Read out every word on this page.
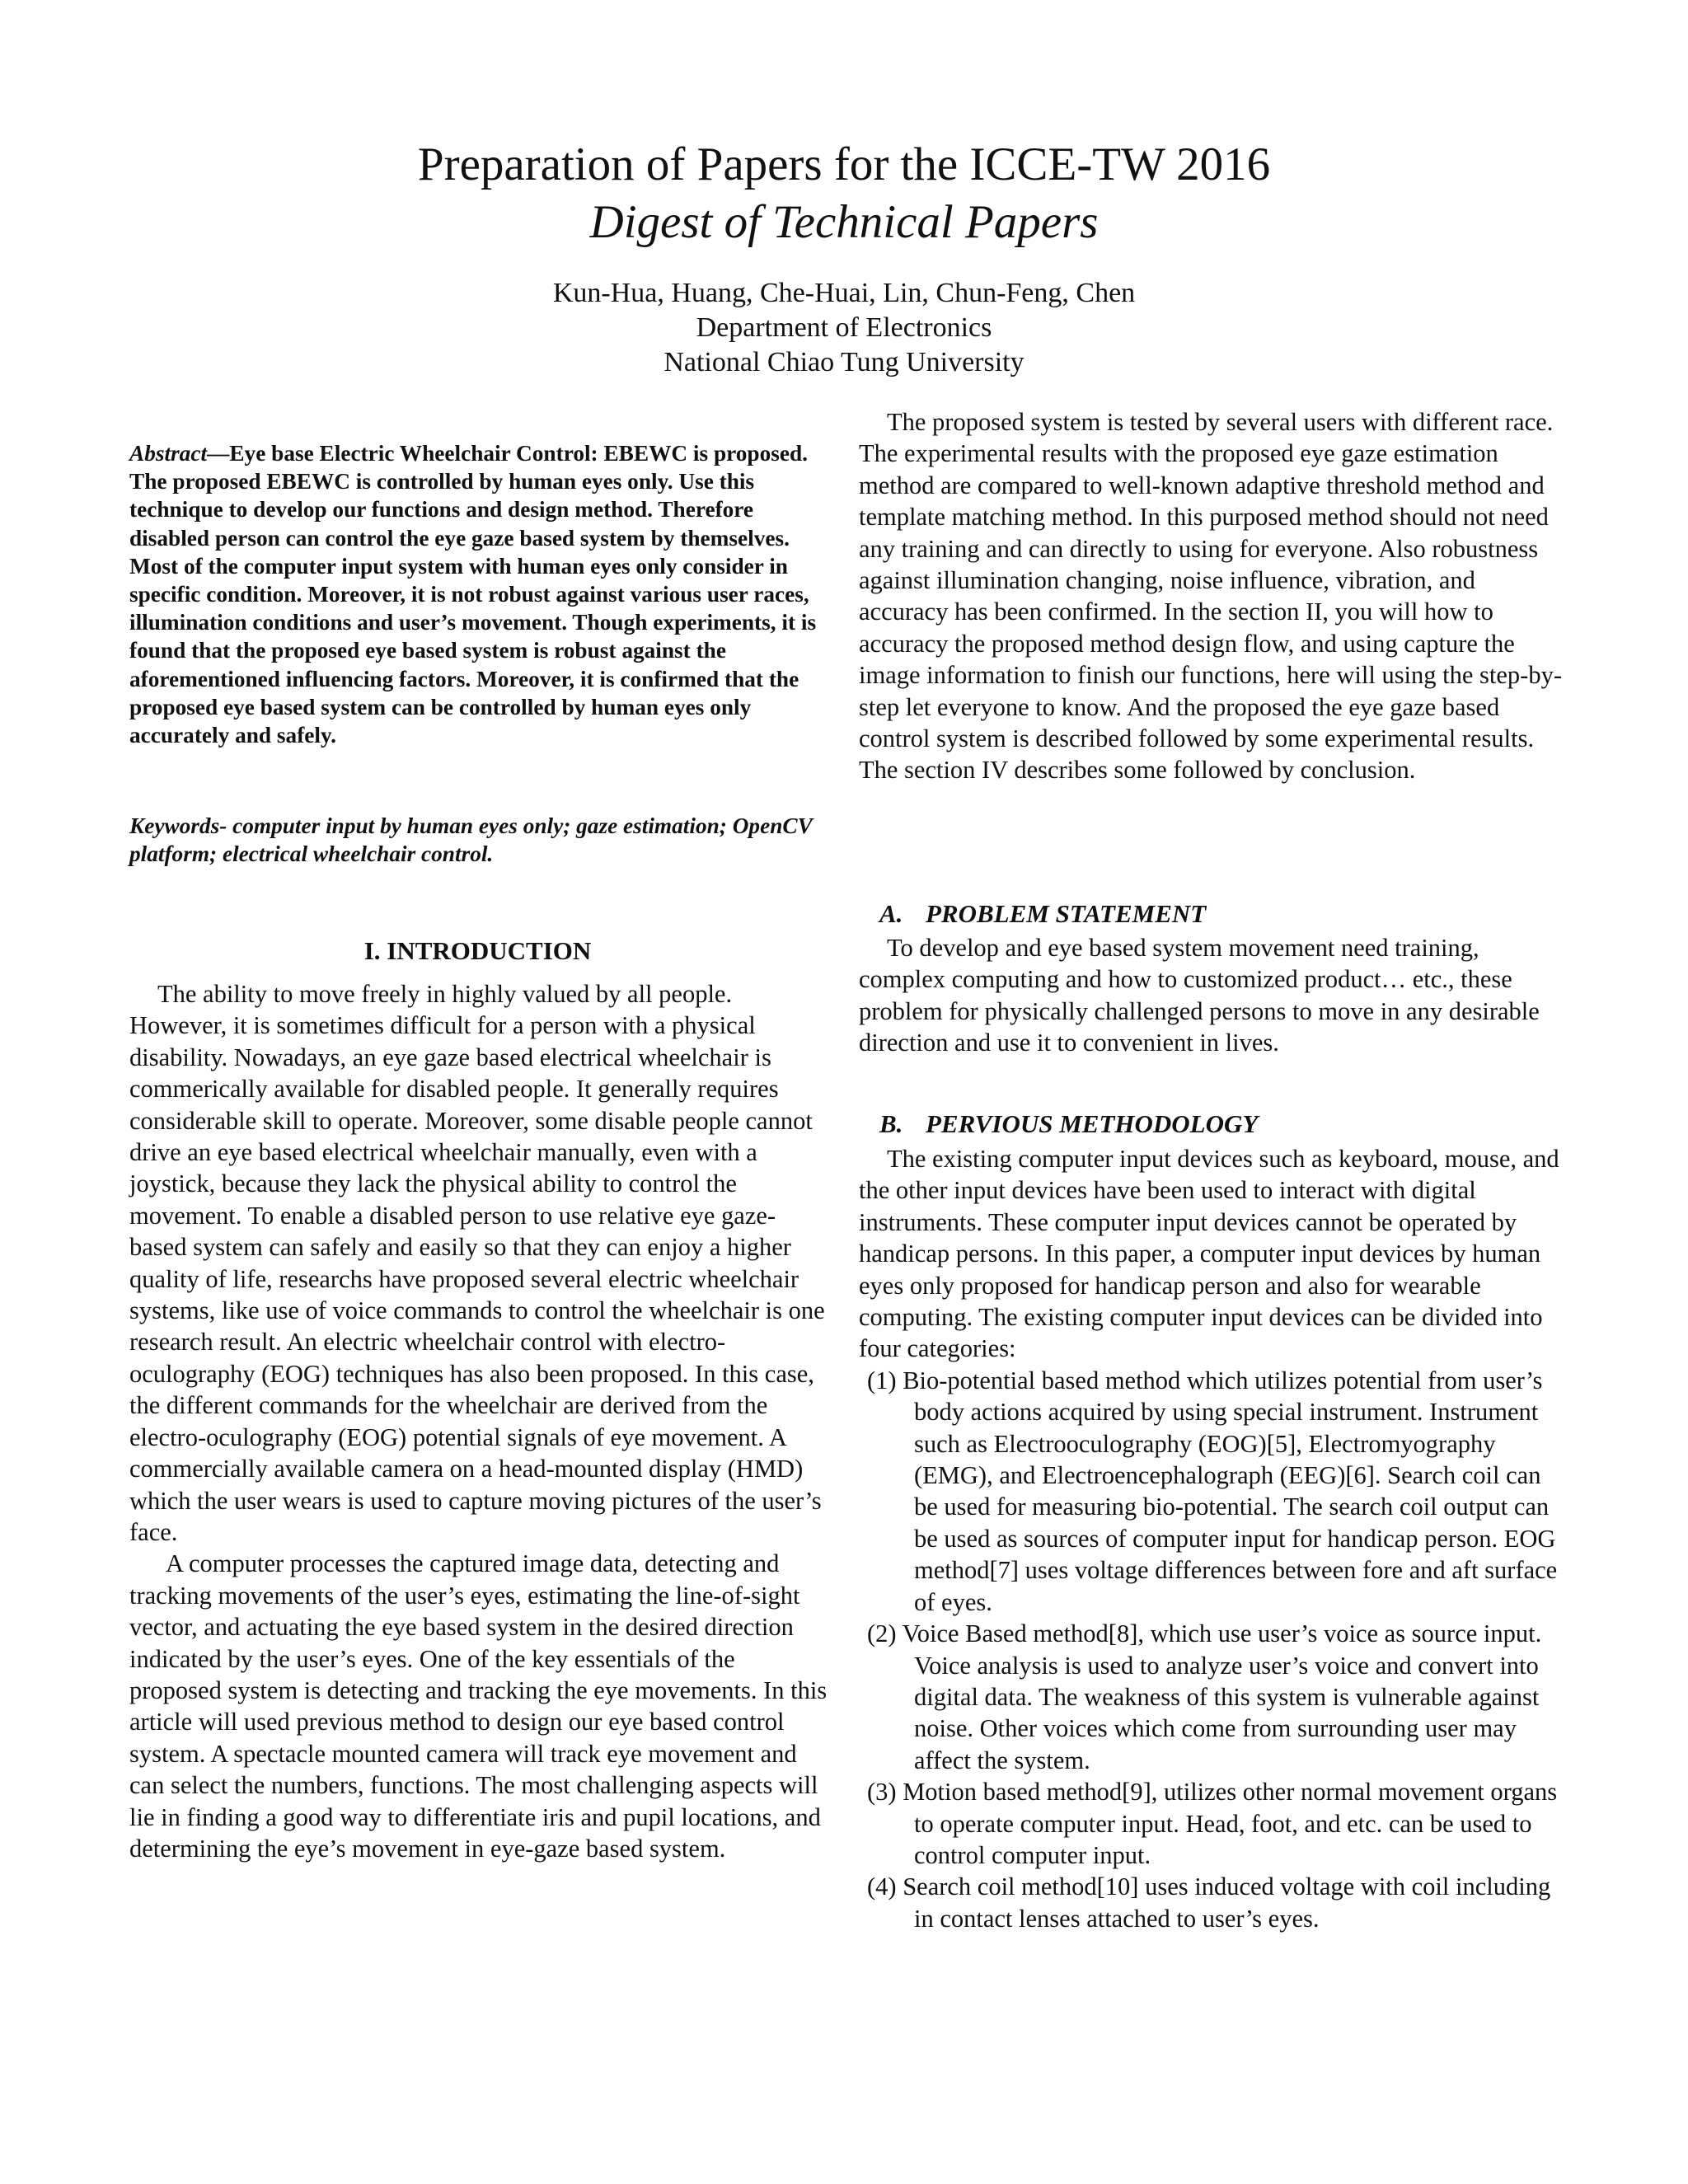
Preparation of Papers for the ICCE-TW 2016
Digest of Technical Papers
Kun-Hua, Huang, Che-Huai, Lin, Chun-Feng, Chen
Department of Electronics
National Chiao Tung University
Abstract—Eye base Electric Wheelchair Control: EBEWC is proposed. The proposed EBEWC is controlled by human eyes only. Use this technique to develop our functions and design method. Therefore disabled person can control the eye gaze based system by themselves. Most of the computer input system with human eyes only consider in specific condition. Moreover, it is not robust against various user races, illumination conditions and user’s movement. Though experiments, it is found that the proposed eye based system is robust against the aforementioned influencing factors. Moreover, it is confirmed that the proposed eye based system can be controlled by human eyes only accurately and safely.
Keywords- computer input by human eyes only; gaze estimation; OpenCV platform; electrical wheelchair control.
I. INTRODUCTION

The ability to move freely in highly valued by all people. However, it is sometimes difficult for a person with a physical disability. Nowadays, an eye gaze based electrical wheelchair is commerically available for disabled people. It generally requires considerable skill to operate. Moreover, some disable people cannot drive an eye based electrical wheelchair manually, even with a joystick, because they lack the physical ability to control the movement. To enable a disabled person to use relative eye gaze-based system can safely and easily so that they can enjoy a higher quality of life, researchs have proposed several electric wheelchair systems, like use of voice commands to control the wheelchair is one research result. An electric wheelchair control with electro-oculography (EOG) techniques has also been proposed. In this case, the different commands for the wheelchair are derived from the electro-oculography (EOG) potential signals of eye movement. A commercially available camera on a head-mounted display (HMD) which the user wears is used to capture moving pictures of the user’s face.

A computer processes the captured image data, detecting and tracking movements of the user’s eyes, estimating the line-of-sight vector, and actuating the eye based system in the desired direction indicated by the user’s eyes. One of the key essentials of the proposed system is detecting and tracking the eye movements. In this article will used previous method to design our eye based control system. A spectacle mounted camera will track eye movement and can select the numbers, functions. The most challenging aspects will lie in finding a good way to differentiate iris and pupil locations, and determining the eye’s movement in eye-gaze based system.

The proposed system is tested by several users with different race. The experimental results with the proposed eye gaze estimation method are compared to well-known adaptive threshold method and template matching method. In this purposed method should not need any training and can directly to using for everyone. Also robustness against illumination changing, noise influence, vibration, and accuracy has been confirmed. In the section II, you will how to accuracy the proposed method design flow, and using capture the image information to finish our functions, here will using the step-by-step let everyone to know. And the proposed the eye gaze based control system is described followed by some experimental results. The section IV describes some followed by conclusion.

A. PROBLEM STATEMENT

To develop and eye based system movement need training, complex computing and how to customized product… etc., these problem for physically challenged persons to move in any desirable direction and use it to convenient in lives.

B. PERVIOUS METHODOLOGY

The existing computer input devices such as keyboard, mouse, and the other input devices have been used to interact with digital instruments. These computer input devices cannot be operated by handicap persons. In this paper, a computer input devices by human eyes only proposed for handicap person and also for wearable computing. The existing computer input devices can be divided into four categories:

(1) Bio-potential based method which utilizes potential from user’s body actions acquired by using special instrument. Instrument such as Electrooculography (EOG)[5], Electromyography (EMG), and Electroencephalograph (EEG)[6]. Search coil can be used for measuring bio-potential. The search coil output can be used as sources of computer input for handicap person. EOG method[7] uses voltage differences between fore and aft surface of eyes.
(2) Voice Based method[8], which use user’s voice as source input. Voice analysis is used to analyze user’s voice and convert into digital data. The weakness of this system is vulnerable against noise. Other voices which come from surrounding user may affect the system.
(3) Motion based method[9], utilizes other normal movement organs to operate computer input. Head, foot, and etc. can be used to control computer input.
(4) Search coil method[10] uses induced voltage with coil including in contact lenses attached to user’s eyes.
